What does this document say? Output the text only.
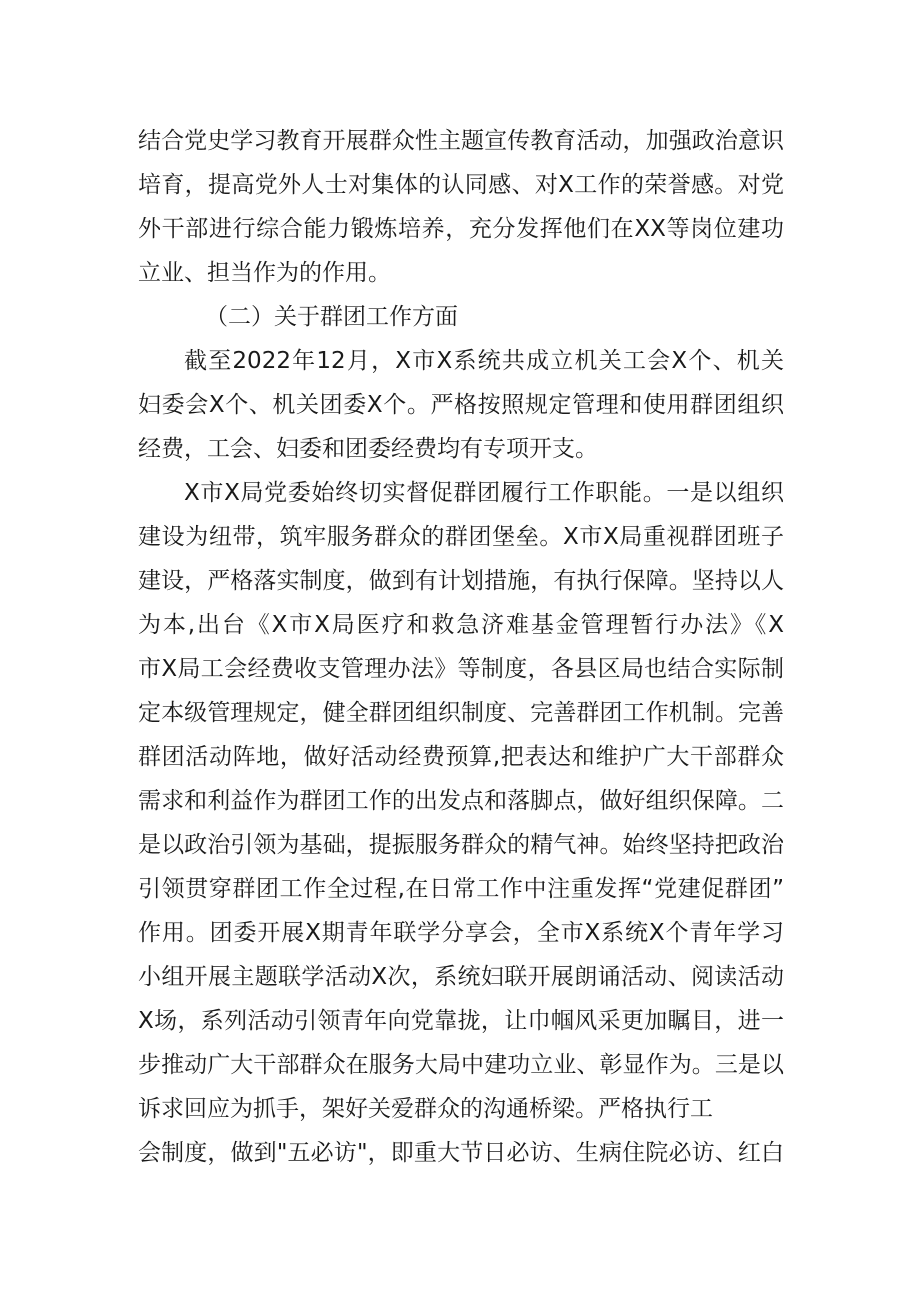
结合党史学习教育开展群众性主题宣传教育活动，加强政治意识
培育，提高党外人士对集体的认同感、对X工作的荣誉感。对党
外干部进行综合能力锻炼培养，充分发挥他们在XX等岗位建功
立业、担当作为的作用。
（二）关于群团工作方面
截至2022年12月，X市X系统共成立机关工会X个、机关
妇委会X个、机关团委X个。严格按照规定管理和使用群团组织
经费，工会、妇委和团委经费均有专项开支。
X市X局党委始终切实督促群团履行工作职能。一是以组织
建设为纽带，筑牢服务群众的群团堡垒。X市X局重视群团班子
建设，严格落实制度，做到有计划措施，有执行保障。坚持以人
为本,出台《X市X局医疗和救急济难基金管理暂行办法》《X
市X局工会经费收支管理办法》等制度，各县区局也结合实际制
定本级管理规定，健全群团组织制度、完善群团工作机制。完善
群团活动阵地，做好活动经费预算,把表达和维护广大干部群众
需求和利益作为群团工作的出发点和落脚点，做好组织保障。二
是以政治引领为基础，提振服务群众的精气神。始终坚持把政治
引领贯穿群团工作全过程,在日常工作中注重发挥“党建促群团”
作用。团委开展X期青年联学分享会，全市X系统X个青年学习
小组开展主题联学活动X次，系统妇联开展朗诵活动、阅读活动
X场，系列活动引领青年向党靠拢，让巾帼风采更加瞩目，进一
步推动广大干部群众在服务大局中建功立业、彰显作为。三是以
诉求回应为抓手，架好关爱群众的沟通桥梁。严格执行工
会制度，做到"五必访"，即重大节日必访、生病住院必访、红白
